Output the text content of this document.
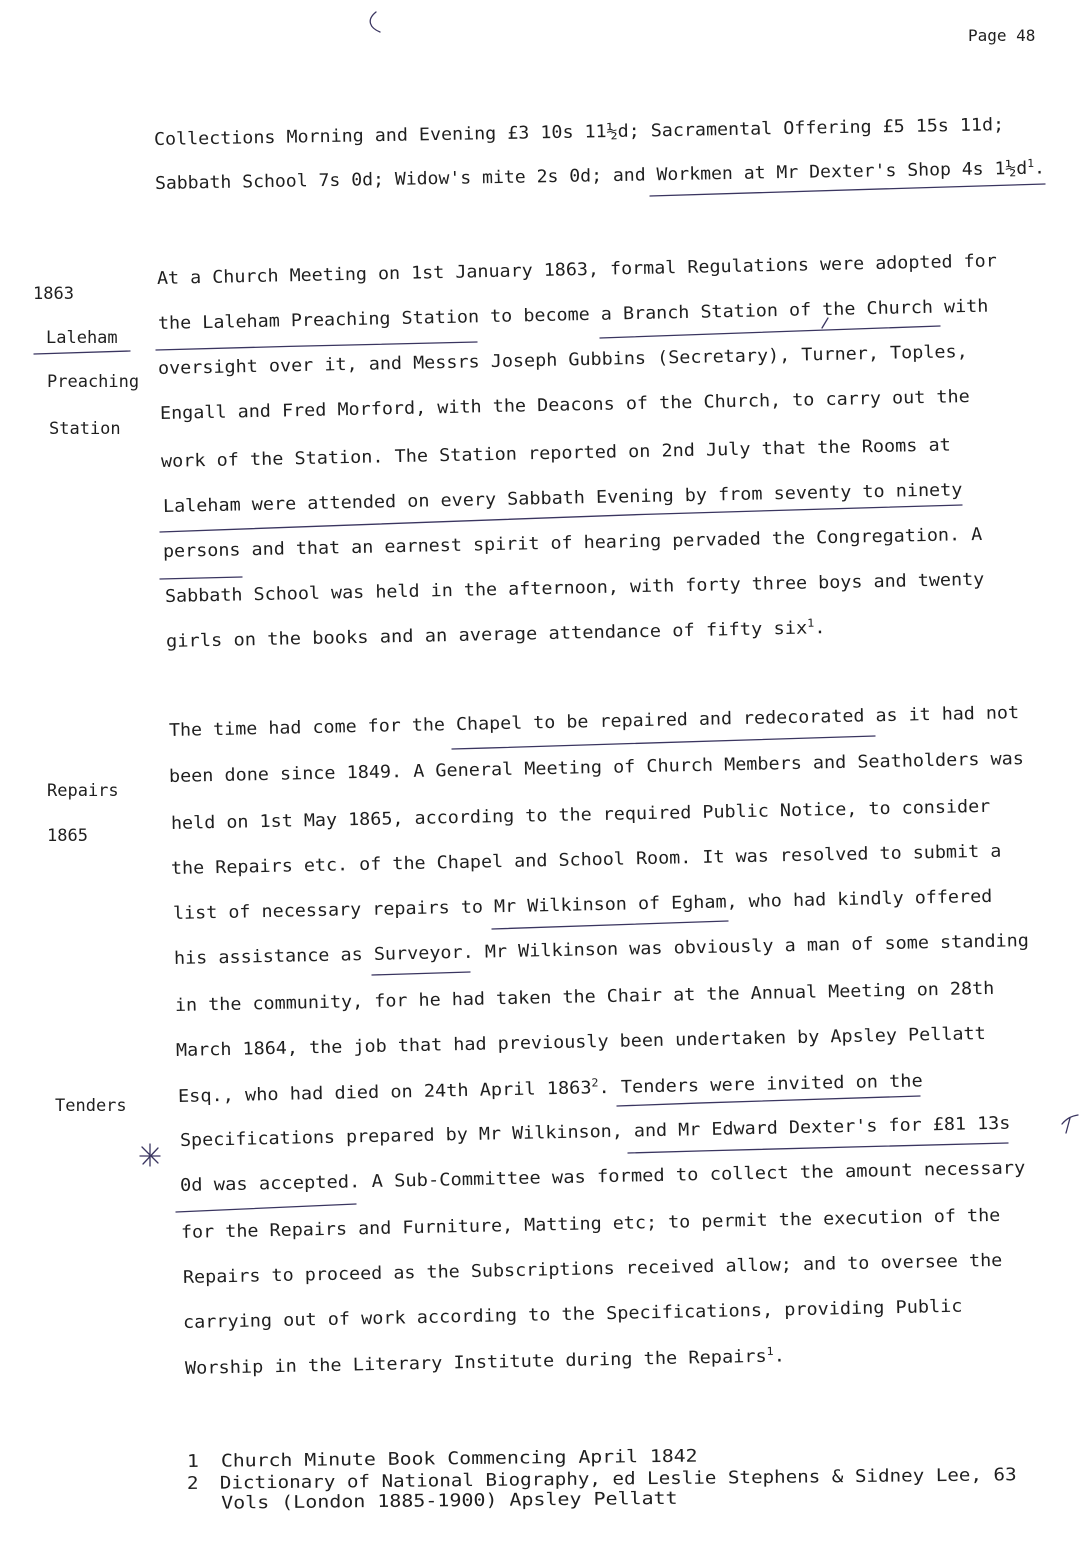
Page 48
1863
Laleham
Preaching
Station
Repairs
1865
Tenders
Collections Morning and Evening £3 10s 11½d; Sacramental Offering £5 15s 11d;
Sabbath School 7s 0d; Widow's mite 2s 0d; and Workmen at Mr Dexter's Shop 4s $1\frac{1}{2}d^1$.
At a Church Meeting on 1st January 1863, formal Regulations were adopted for
the Laleham Preaching Station to become a Branch Station of the Church with
oversight over it, and Messrs Joseph Gubbins (Secretary), Turner, Toples,
Engall and Fred Morford, with the Deacons of the Church, to carry out the
work of the Station. The Station reported on 2nd July that the Rooms at
Laleham were attended on every Sabbath Evening by from seventy to ninety
persons and that an earnest spirit of hearing pervaded the Congregation. A
Sabbath School was held in the afternoon, with forty three boys and twenty
girls on the books and an average attendance of fifty six$^1$.
The time had come for the Chapel to be repaired and redecorated as it had not
been done since 1849. A General Meeting of Church Members and Seatholders was
held on 1st May 1865, according to the required Public Notice, to consider
the Repairs etc. of the Chapel and School Room. It was resolved to submit a
list of necessary repairs to Mr Wilkinson of Egham, who had kindly offered
his assistance as Surveyor. Mr Wilkinson was obviously a man of some standing
in the community, for he had taken the Chair at the Annual Meeting on 28th
March 1864, the job that had previously been undertaken by Apsley Pellatt
Esq., who had died on 24th April 1863$^2$. Tenders were invited on the
Specifications prepared by Mr Wilkinson, and Mr Edward Dexter's for £81 13s
0d was accepted. A Sub-Committee was formed to collect the amount necessary
for the Repairs and Furniture, Matting etc; to permit the execution of the
Repairs to proceed as the Subscriptions received allow; and to oversee the
carrying out of work according to the Specifications, providing Public
Worship in the Literary Institute during the Repairs$^1$.
1 Church Minute Book Commencing April 1842
2 Dictionary of National Biography, ed Leslie Stephens & Sidney Lee, 63
Vols (London 1885-1900) Apsley Pellatt
